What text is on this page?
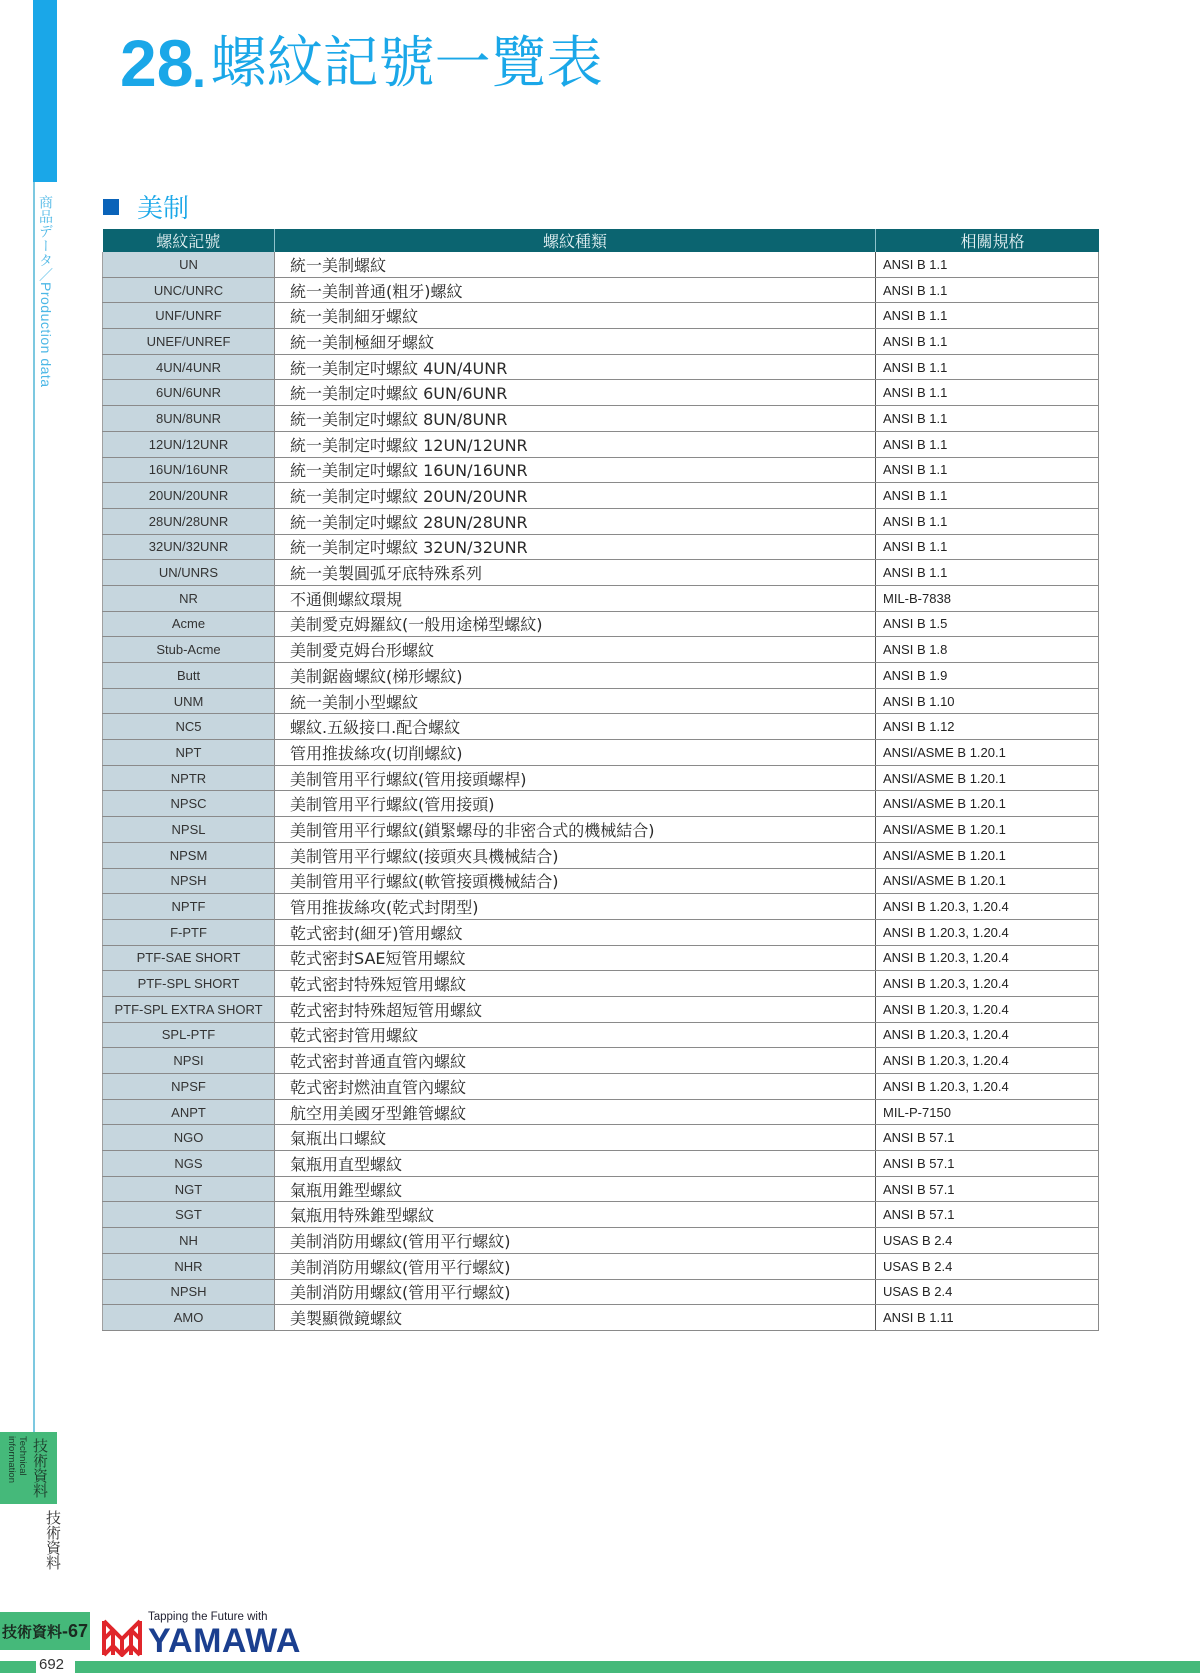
商品データ／Production data
28
. 螺紋記號一覽表
美制
螺紋記號	螺紋種類	相關規格
UN	統一美制螺紋	ANSI B 1.1
UNC/UNRC	統一美制普通(粗牙)螺紋	ANSI B 1.1
UNF/UNRF	統一美制細牙螺紋	ANSI B 1.1
UNEF/UNREF	統一美制極細牙螺紋	ANSI B 1.1
4UN/4UNR	統一美制定吋螺紋 4UN/4UNR	ANSI B 1.1
6UN/6UNR	統一美制定吋螺紋 6UN/6UNR	ANSI B 1.1
8UN/8UNR	統一美制定吋螺紋 8UN/8UNR	ANSI B 1.1
12UN/12UNR	統一美制定吋螺紋 12UN/12UNR	ANSI B 1.1
16UN/16UNR	統一美制定吋螺紋 16UN/16UNR	ANSI B 1.1
20UN/20UNR	統一美制定吋螺紋 20UN/20UNR	ANSI B 1.1
28UN/28UNR	統一美制定吋螺紋 28UN/28UNR	ANSI B 1.1
32UN/32UNR	統一美制定吋螺紋 32UN/32UNR	ANSI B 1.1
UN/UNRS	統一美製圓弧牙底特殊系列	ANSI B 1.1
NR	不通側螺紋環規	MIL-B-7838
Acme	美制愛克姆羅紋(一般用途梯型螺紋)	ANSI B 1.5
Stub-Acme	美制愛克姆台形螺紋	ANSI B 1.8
Butt	美制鋸齒螺紋(梯形螺紋)	ANSI B 1.9
UNM	統一美制小型螺紋	ANSI B 1.10
NC5	螺紋.五級接口.配合螺紋	ANSI B 1.12
NPT	管用推拔絲攻(切削螺紋)	ANSI/ASME B 1.20.1
NPTR	美制管用平行螺紋(管用接頭螺桿)	ANSI/ASME B 1.20.1
NPSC	美制管用平行螺紋(管用接頭)	ANSI/ASME B 1.20.1
NPSL	美制管用平行螺紋(鎖緊螺母的非密合式的機械結合)	ANSI/ASME B 1.20.1
NPSM	美制管用平行螺紋(接頭夾具機械結合)	ANSI/ASME B 1.20.1
NPSH	美制管用平行螺紋(軟管接頭機械結合)	ANSI/ASME B 1.20.1
NPTF	管用推拔絲攻(乾式封閉型)	ANSI B 1.20.3, 1.20.4
F-PTF	乾式密封(細牙)管用螺紋	ANSI B 1.20.3, 1.20.4
PTF-SAE SHORT	乾式密封SAE短管用螺紋	ANSI B 1.20.3, 1.20.4
PTF-SPL SHORT	乾式密封特殊短管用螺紋	ANSI B 1.20.3, 1.20.4
PTF-SPL EXTRA SHORT	乾式密封特殊超短管用螺紋	ANSI B 1.20.3, 1.20.4
SPL-PTF	乾式密封管用螺紋	ANSI B 1.20.3, 1.20.4
NPSI	乾式密封普通直管內螺紋	ANSI B 1.20.3, 1.20.4
NPSF	乾式密封燃油直管內螺紋	ANSI B 1.20.3, 1.20.4
ANPT	航空用美國牙型錐管螺紋	MIL-P-7150
NGO	氣瓶出口螺紋	ANSI B 57.1
NGS	氣瓶用直型螺紋	ANSI B 57.1
NGT	氣瓶用錐型螺紋	ANSI B 57.1
SGT	氣瓶用特殊錐型螺紋	ANSI B 57.1
NH	美制消防用螺紋(管用平行螺紋)	USAS B 2.4
NHR	美制消防用螺紋(管用平行螺紋)	USAS B 2.4
NPSH	美制消防用螺紋(管用平行螺紋)	USAS B 2.4
AMO	美製顯微鏡螺紋	ANSI B 1.11
技術資料
Technical information
技術資料
技術資料 -67
Tapping the Future with
YAMAWA
692
